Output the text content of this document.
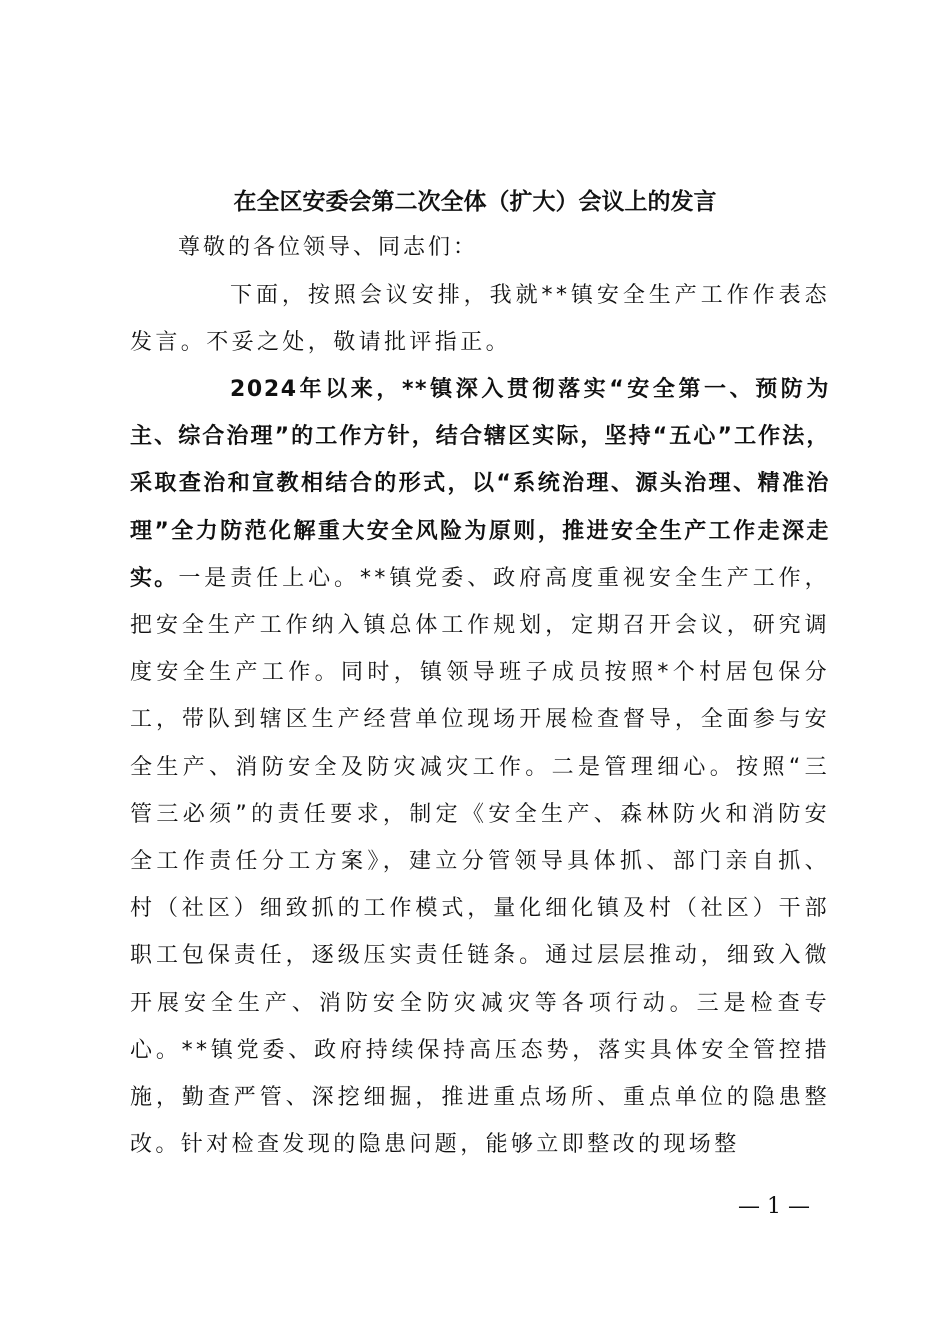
在全区安委会第二次全体（扩大）会议上的发言
尊敬的各位领导、同志们：
下面，按照会议安排，我就**镇安全生产工作作表态发言。不妥之处，敬请批评指正。
2024年以来，**镇深入贯彻落实“安全第一、预防为主、综合治理”的工作方针，结合辖区实际，坚持“五心”工作法，采取查治和宣教相结合的形式，以“系统治理、源头治理、精准治理”全力防范化解重大安全风险为原则，推进安全生产工作走深走实。一是责任上心。**镇党委、政府高度重视安全生产工作，把安全生产工作纳入镇总体工作规划，定期召开会议，研究调度安全生产工作。同时，镇领导班子成员按照*个村居包保分工，带队到辖区生产经营单位现场开展检查督导，全面参与安全生产、消防安全及防灾减灾工作。二是管理细心。按照“三管三必须”的责任要求，制定《安全生产、森林防火和消防安全工作责任分工方案》，建立分管领导具体抓、部门亲自抓、村（社区）细致抓的工作模式，量化细化镇及村（社区）干部职工包保责任，逐级压实责任链条。通过层层推动，细致入微开展安全生产、消防安全防灾减灾等各项行动。三是检查专心。**镇党委、政府持续保持高压态势，落实具体安全管控措施，勤查严管、深挖细掘，推进重点场所、重点单位的隐患整改。针对检查发现的隐患问题，能够立即整改的现场整
— 1 —
